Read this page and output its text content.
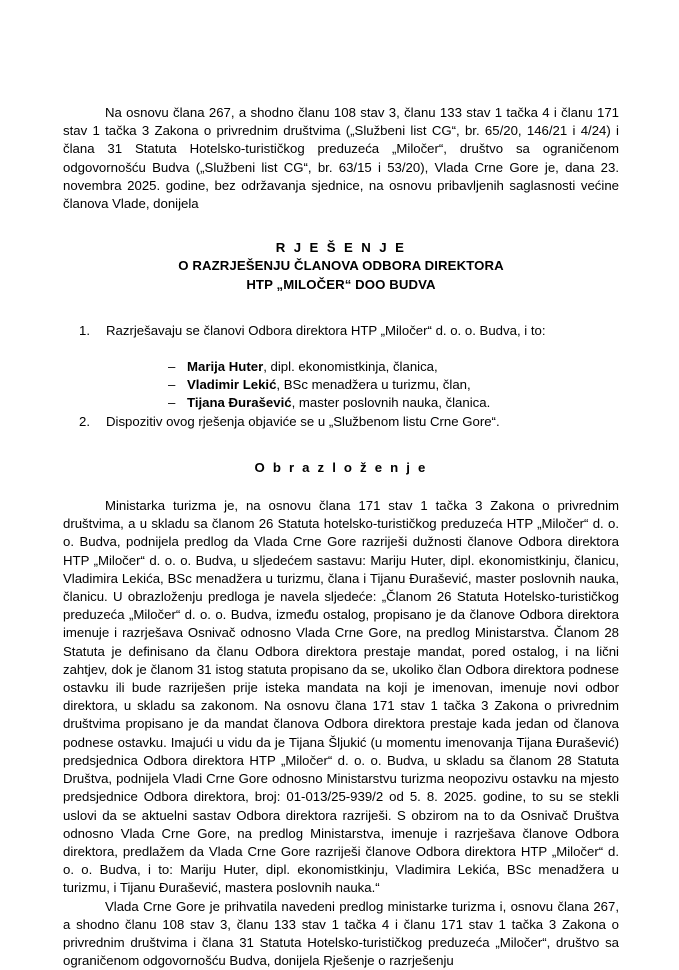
Na osnovu člana 267, a shodno članu 108 stav 3, članu 133 stav 1 tačka 4 i članu 171 stav 1 tačka 3 Zakona o privrednim društvima („Službeni list CG“, br. 65/20, 146/21 i 4/24) i člana 31 Statuta Hotelsko-turističkog preduzeća „Miločer“, društvo sa ograničenom odgovornošću Budva („Službeni list CG“, br. 63/15 i 53/20), Vlada Crne Gore je, dana 23. novembra 2025. godine, bez održavanja sjednice, na osnovu pribavljenih saglasnosti većine članova Vlade, donijela

R J E Š E N J E
O RAZRJEŠENJU ČLANOVA ODBORA DIREKTORA
HTP „MILOČER“ DOO BUDVA
1.	Razrješavaju se članovi Odbora direktora HTP „Miločer“ d. o. o. Budva, i to:
– Marija Huter, dipl. ekonomistkinja, članica,
– Vladimir Lekić, BSc menadžera u turizmu, član,
– Tijana Đurašević, master poslovnih nauka, članica.
2.	Dispozitiv ovog rješenja objaviće se u „Službenom listu Crne Gore“.
O b r a z l o ž e n j e

Ministarka turizma je, na osnovu člana 171 stav 1 tačka 3 Zakona o privrednim društvima, a u skladu sa članom 26 Statuta hotelsko-turističkog preduzeća HTP „Miločer“ d. o. o. Budva, podnijela predlog da Vlada Crne Gore razriješi dužnosti članove Odbora direktora HTP „Miločer“ d. o. o. Budva, u sljedećem sastavu: Mariju Huter, dipl. ekonomistkinju, članicu, Vladimira Lekića, BSc menadžera u turizmu, člana i Tijanu Đurašević, master poslovnih nauka, članicu. U obrazloženju predloga je navela sljedeće: „Članom 26 Statuta Hotelsko-turističkog preduzeća „Miločer“ d. o. o. Budva, između ostalog, propisano je da članove Odbora direktora imenuje i razrješava Osnivač odnosno Vlada Crne Gore, na predlog Ministarstva. Članom 28 Statuta je definisano da članu Odbora direktora prestaje mandat, pored ostalog, i na lični zahtjev, dok je članom 31 istog statuta propisano da se, ukoliko član Odbora direktora podnese ostavku ili bude razriješen prije isteka mandata na koji je imenovan, imenuje novi odbor direktora, u skladu sa zakonom. Na osnovu člana 171 stav 1 tačka 3 Zakona o privrednim društvima propisano je da mandat članova Odbora direktora prestaje kada jedan od članova podnese ostavku. Imajući u vidu da je Tijana Šljukić (u momentu imenovanja Tijana Đurašević) predsjednica Odbora direktora HTP „Miločer“ d. o. o. Budva, u skladu sa članom 28 Statuta Društva, podnijela Vladi Crne Gore odnosno Ministarstvu turizma neopozivu ostavku na mjesto predsjednice Odbora direktora, broj: 01-013/25-939/2 od 5. 8. 2025. godine, to su se stekli uslovi da se aktuelni sastav Odbora direktora razriješi. S obzirom na to da Osnivač Društva odnosno Vlada Crne Gore, na predlog Ministarstva, imenuje i razrješava članove Odbora direktora, predlažem da Vlada Crne Gore razriješi članove Odbora direktora HTP „Miločer“ d. o. o. Budva, i to: Mariju Huter, dipl. ekonomistkinju, Vladimira Lekića, BSc menadžera u turizmu, i Tijanu Đurašević, mastera poslovnih nauka.“

Vlada Crne Gore je prihvatila navedeni predlog ministarke turizma i, osnovu člana 267, a shodno članu 108 stav 3, članu 133 stav 1 tačka 4 i članu 171 stav 1 tačka 3 Zakona o privrednim društvima i člana 31 Statuta Hotelsko-turističkog preduzeća „Miločer“, društvo sa ograničenom odgovornošću Budva, donijela Rješenje o razrješenju
